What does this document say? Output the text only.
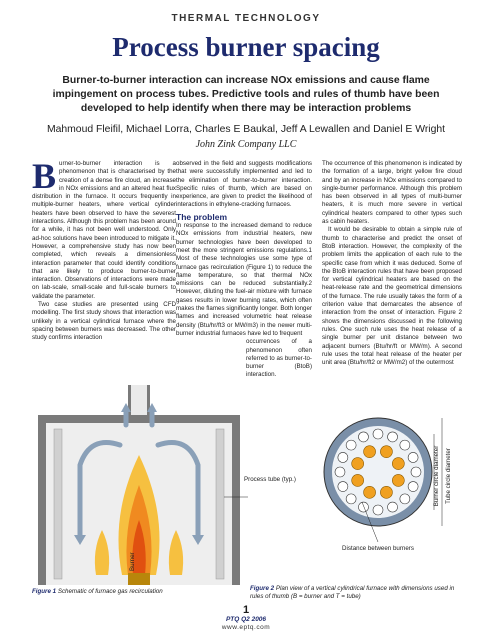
THERMAL TECHNOLOGY
Process burner spacing
Burner-to-burner interaction can increase NOx emissions and cause flame impingement on process tubes. Predictive tools and rules of thumb have been developed to help identify when there may be interaction problems
Mahmoud Fleifil, Michael Lorra, Charles E Baukal, Jeff A Lewallen and Daniel E Wright
John Zink Company LLC

Burner-to-burner interaction is a phenomenon that is characterised by the creation of a dense fire cloud, an increase in NOx emissions and an altered heat flux distribution in the furnace. It occurs frequently in multiple-burner heaters, where vertical cylinder heaters have been observed to have the severest interactions. Although this problem has been around for a while, it has not been well understood. Only ad-hoc solutions have been introduced to mitigate it. However, a comprehensive study has now been completed, which reveals a dimensionless interaction parameter that could identify conditions that are likely to produce burner-to-burner interaction. Observations of interactions were made on lab-scale, small-scale and full-scale burners to validate the parameter.

Two case studies are presented using CFD modelling. The first study shows that interaction was unlikely in a vertical cylindrical furnace where the spacing between burners was decreased. The other study confirms interaction

observed in the field and suggests modifications that were successfully implemented and led to the elimination of burner-to-burner interaction. Specific rules of thumb, which are based on experience, are given to predict the likelihood of interactions in ethylene-cracking furnaces.

The problem

In response to the increased demand to reduce NOx emissions from industrial heaters, new burner technologies have been developed to meet the more stringent emissions regulations.1 Most of these technologies use some type of furnace gas recirculation (Figure 1) to reduce the flame temperature, so that thermal NOx emissions can be reduced substantially.2 However, diluting the fuel-air mixture with furnace gases results in lower burning rates, which often makes the flames significantly longer. Both longer flames and increased volumetric heat release density (Btu/hr/ft3 or MW/m3) in the newer multi-burner industrial furnaces have led to frequent

occurrences of a phenomenon often referred to as burner-to-burner (BtoB) interaction.

The occurrence of this phenomenon is indicated by the formation of a large, bright yellow fire cloud and by an increase in NOx emissions compared to single-burner performance. Although this problem has been observed in all types of multi-burner heaters, it is much more severe in vertical cylindrical heaters compared to other types such as cabin heaters.

It would be desirable to obtain a simple rule of thumb to characterise and predict the onset of BtoB interaction. However, the complexity of the problem limits the application of each rule to the specific case from which it was deduced. Some of the BtoB interaction rules that have been proposed for vertical cylindrical heaters are based on the heat-release rate and the geometrical dimensions of the furnace. The rule usually takes the form of a criterion value that demarcates the absence of interaction from the onset of interaction. Figure 2 shows the dimensions discussed in the following rules. One such rule uses the heat release of a single burner per unit distance between two adjacent burners (Btu/hr/ft or MW/m). A second rule uses the total heat release of the heater per unit area (Btu/hr/ft2 or MW/m2) of the outermost

Process tube (typ.)
Burner
Burner circle diameter Tube circle diameter
Distance between burners
Figure 1 Schematic of furnace gas recirculation	Figure 2 Plan view of a vertical cylindrical furnace with dimensions used in rules of thumb (B = burner and T = tube)
1
PTQ Q2 2006
www.eptq.com
